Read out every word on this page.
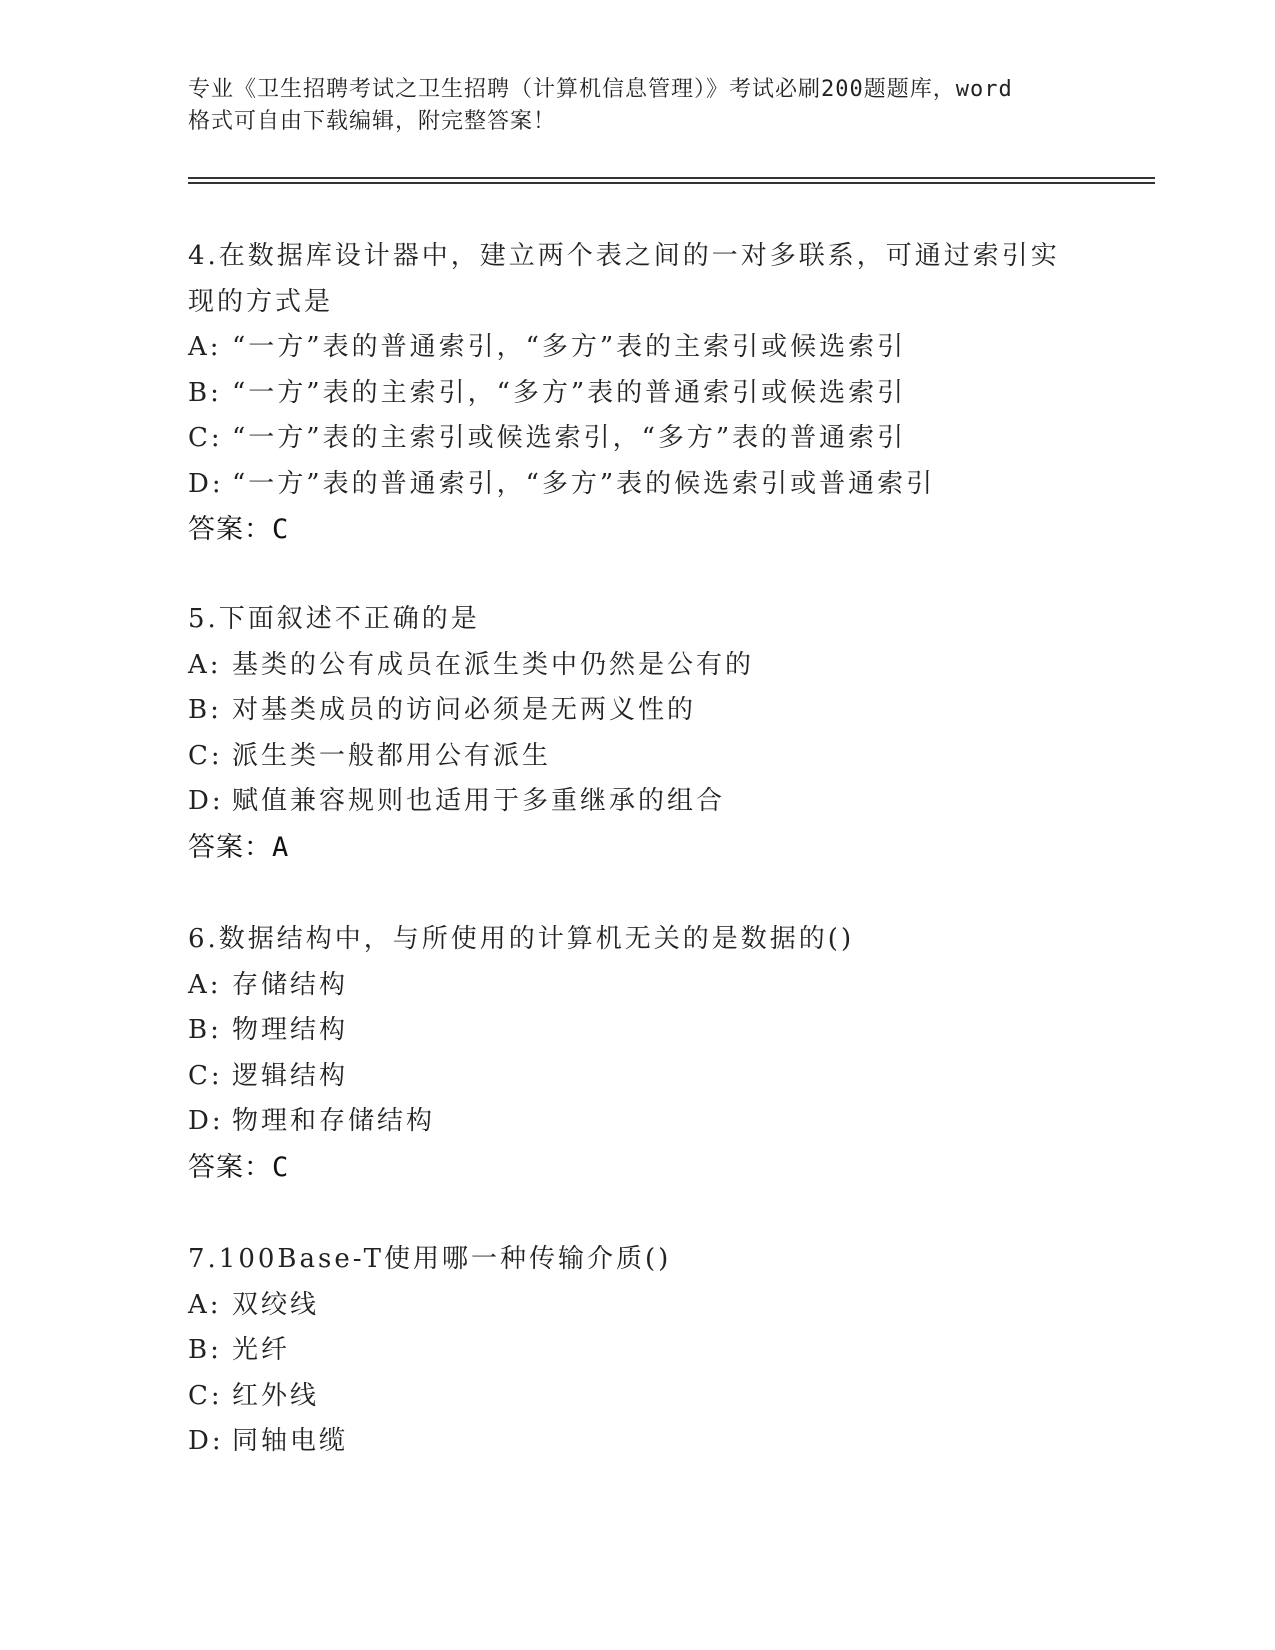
专业《卫生招聘考试之卫生招聘（计算机信息管理）》考试必刷200题题库，word
格式可自由下载编辑，附完整答案！
4.在数据库设计器中，建立两个表之间的一对多联系，可通过索引实
现的方式是
A: “一方”表的普通索引，“多方”表的主索引或候选索引
B: “一方”表的主索引，“多方”表的普通索引或候选索引
C: “一方”表的主索引或候选索引，“多方”表的普通索引
D: “一方”表的普通索引，“多方”表的候选索引或普通索引
答案：C
5.下面叙述不正确的是
A: 基类的公有成员在派生类中仍然是公有的
B: 对基类成员的访问必须是无两义性的
C: 派生类一般都用公有派生
D: 赋值兼容规则也适用于多重继承的组合
答案：A
6.数据结构中，与所使用的计算机无关的是数据的()
A: 存储结构
B: 物理结构
C: 逻辑结构
D: 物理和存储结构
答案：C
7.100Base-T使用哪一种传输介质()
A: 双绞线
B: 光纤
C: 红外线
D: 同轴电缆
